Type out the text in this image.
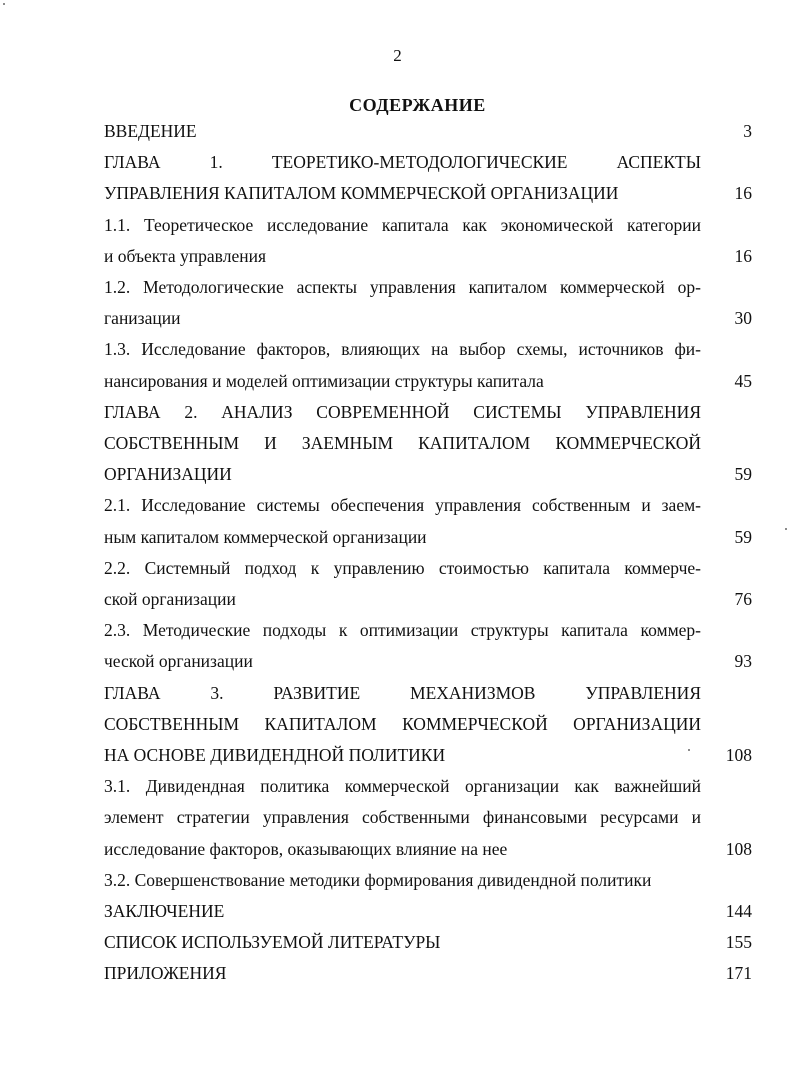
2
СОДЕРЖАНИЕ
ВВЕДЕНИЕ	3
ГЛАВА 1. ТЕОРЕТИКО-МЕТОДОЛОГИЧЕСКИЕ АСПЕКТЫ
УПРАВЛЕНИЯ КАПИТАЛОМ КОММЕРЧЕСКОЙ ОРГАНИЗАЦИИ	16
1.1. Теоретическое исследование капитала как экономической категории
и объекта управления	16
1.2. Методологические аспекты управления капиталом коммерческой ор-
ганизации	30
1.3. Исследование факторов, влияющих на выбор схемы, источников фи-
нансирования и моделей оптимизации структуры капитала	45
ГЛАВА 2. АНАЛИЗ СОВРЕМЕННОЙ СИСТЕМЫ УПРАВЛЕНИЯ
СОБСТВЕННЫМ И ЗАЕМНЫМ КАПИТАЛОМ КОММЕРЧЕСКОЙ
ОРГАНИЗАЦИИ	59
2.1. Исследование системы обеспечения управления собственным и заем-
ным капиталом коммерческой организации	59
2.2. Системный подход к управлению стоимостью капитала коммерче-
ской организации	76
2.3. Методические подходы к оптимизации структуры капитала коммер-
ческой организации	93
ГЛАВА 3. РАЗВИТИЕ МЕХАНИЗМОВ УПРАВЛЕНИЯ
СОБСТВЕННЫМ КАПИТАЛОМ КОММЕРЧЕСКОЙ ОРГАНИЗАЦИИ
НА ОСНОВЕ ДИВИДЕНДНОЙ ПОЛИТИКИ	108
3.1. Дивидендная политика коммерческой организации как важнейший
элемент стратегии управления собственными финансовыми ресурсами и
исследование факторов, оказывающих влияние на нее	108
3.2. Совершенствование методики формирования дивидендной политики
ЗАКЛЮЧЕНИЕ	144
СПИСОК ИСПОЛЬЗУЕМОЙ ЛИТЕРАТУРЫ	155
ПРИЛОЖЕНИЯ	171
